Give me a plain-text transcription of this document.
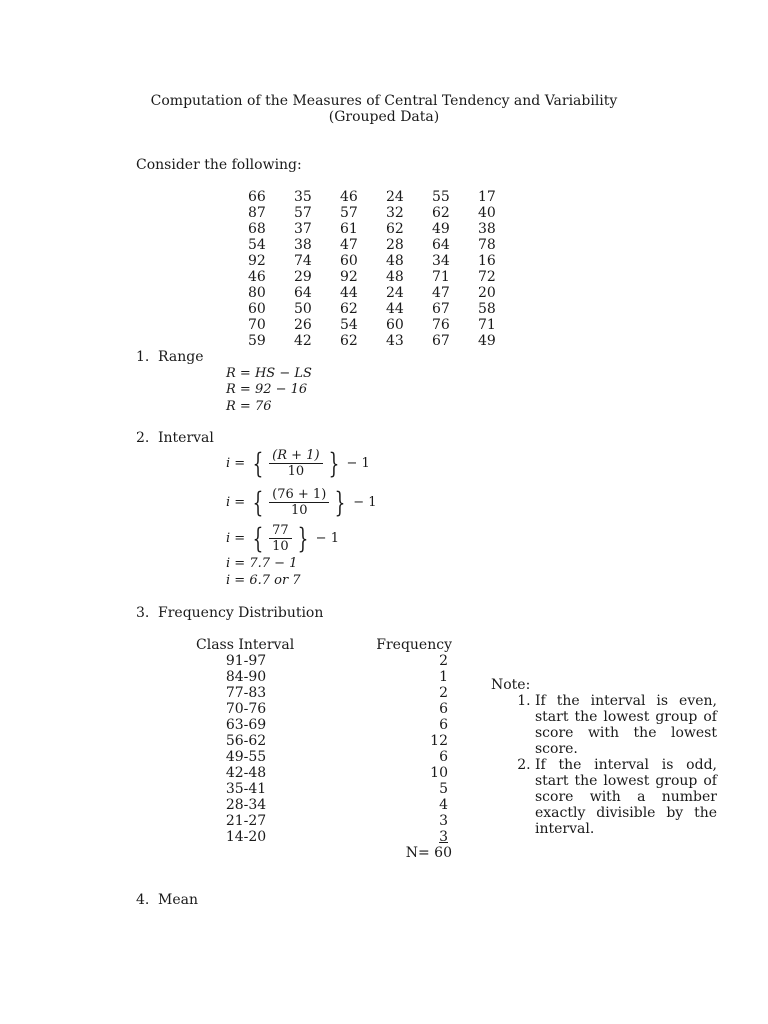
Computation of the Measures of Central Tendency and Variability
(Grouped Data)
Consider the following:
66	35	46	24	55	17
87	57	57	32	62	40
68	37	61	62	49	38
54	38	47	28	64	78
92	74	60	48	34	16
46	29	92	48	71	72
80	64	44	24	47	20
60	50	62	44	67	58
70	26	54	60	76	71
59	42	62	43	67	49
1. Range
R = HS − LS
R = 92 − 16
R = 76
2. Interval
i = { $\frac{(R + 1)}{10}$ } − 1
i = { $\frac{(76 + 1)}{10}$ } − 1
i = { $\frac{77}{10}$ } − 1
i = 7.7 − 1
i = 6.7 or 7
3. Frequency Distribution
Class Interval		Frequency
91-97		2
84-90		1
77-83		2
70-76		6
63-69		6
56-62		12
49-55		6
42-48		10
35-41		5
28-34		4
21-27		3
14-20		3
		N= 60
Note:
1. If the interval is even, start the lowest group of score with the lowest score.
2. If the interval is odd, start the lowest group of score with a number exactly divisible by the interval.
4. Mean
